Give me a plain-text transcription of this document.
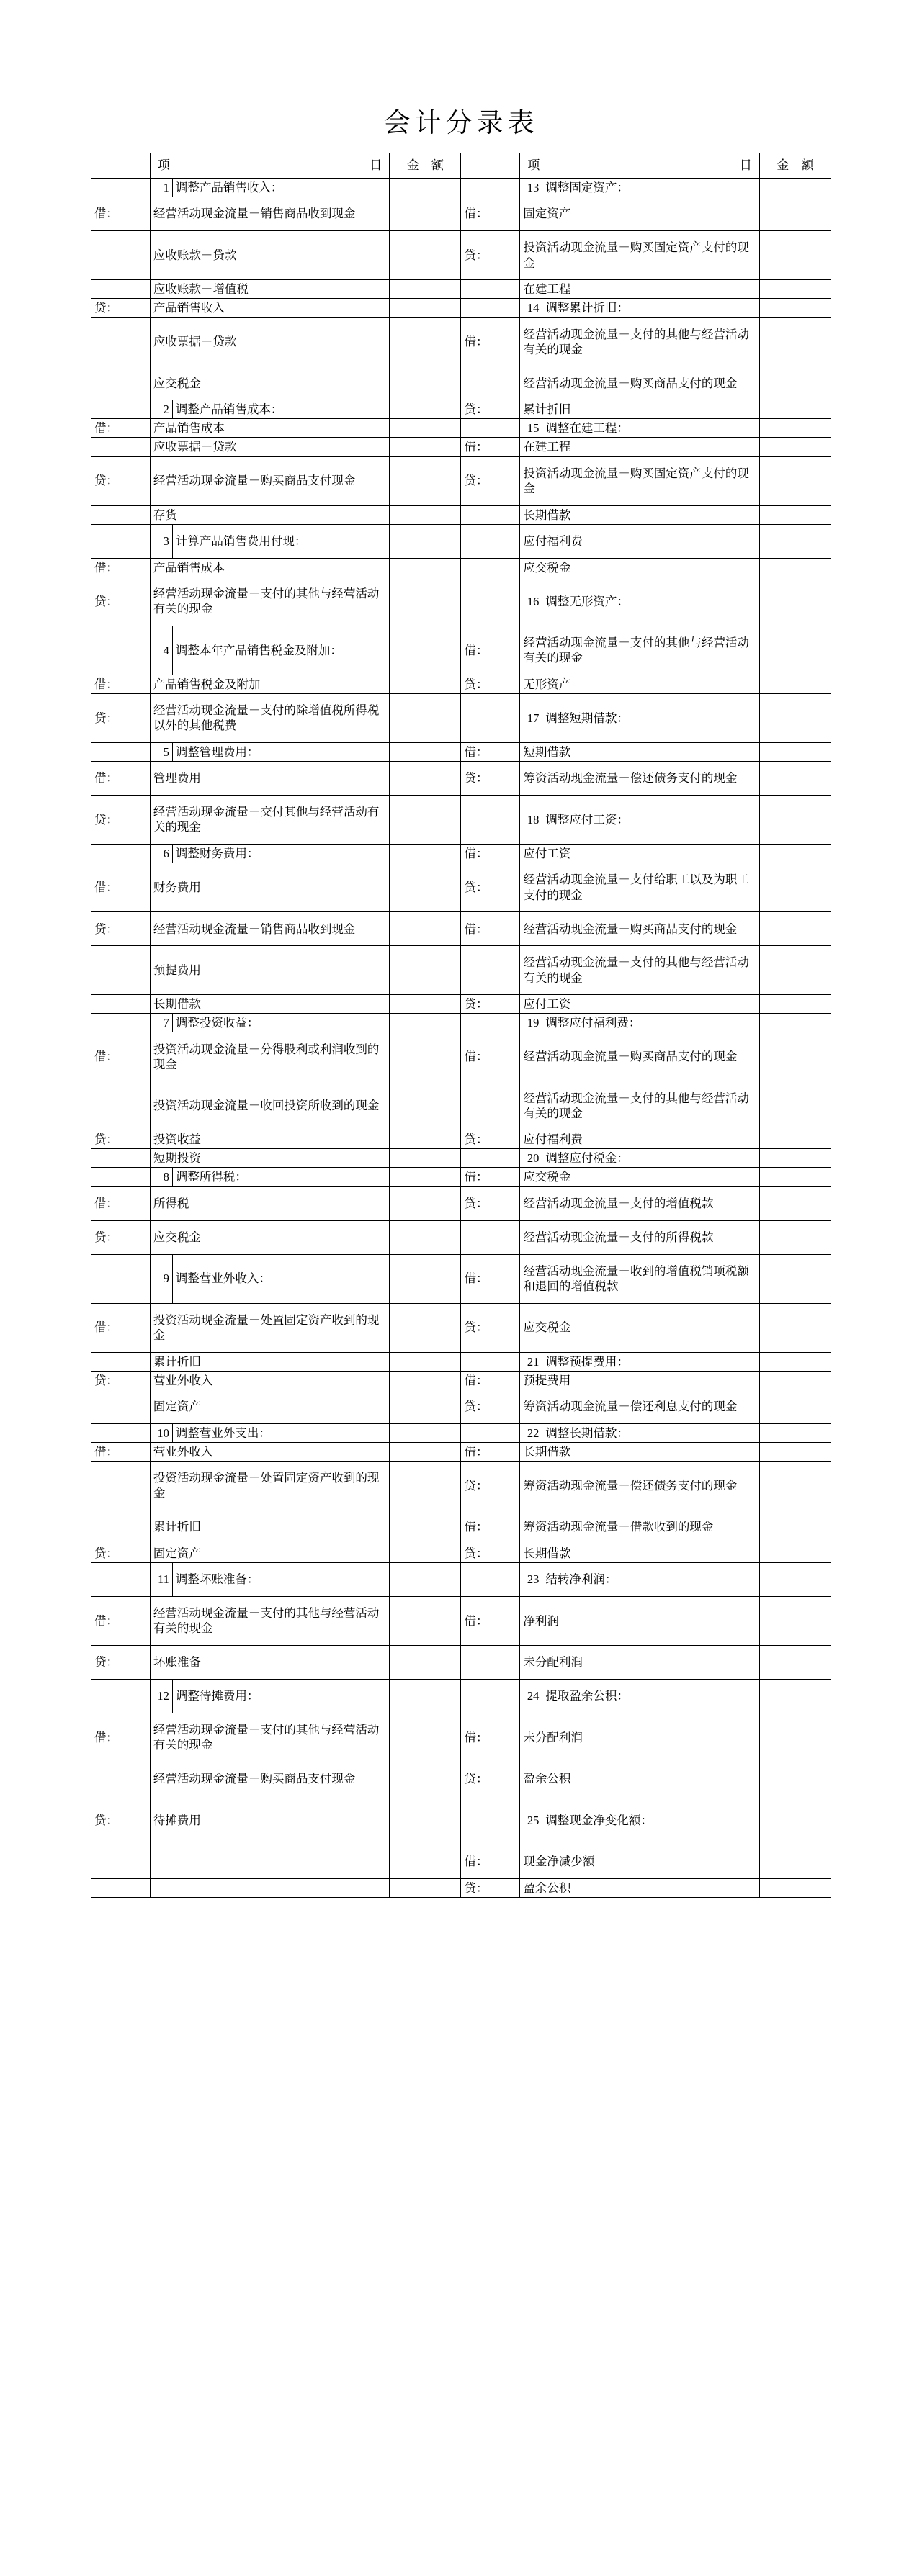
会计分录表
	项　　　目	金　额		项　　　目	金　额

1 调整产品销售收入：			13 调整固定资产：	

借：	经营活动现金流量－销售商品收到现金		借：	固定资产	
	应收账款－贷款		贷：	投资活动现金流量－购买固定资产支付的现金	
	应收账款－增值税			在建工程	
贷：	产品销售收入			14 调整累计折旧：	

	应收票据－贷款		借：	经营活动现金流量－支付的其他与经营活动有关的现金	
	应交税金			经营活动现金流量－购买商品支付的现金	

2 调整产品销售成本：		贷：	累计折旧	
借：	产品销售成本			15 调整在建工程：	

	应收票据－贷款		借：	在建工程	
贷：	经营活动现金流量－购买商品支付现金		贷：	投资活动现金流量－购买固定资产支付的现金	
	存货			长期借款	

3 计算产品销售费用付现：			应付福利费	
借：	产品销售成本			应交税金	
贷：	经营活动现金流量－支付的其他与经营活动有关的现金			16 调整无形资产：	

4 调整本年产品销售税金及附加：		借：	经营活动现金流量－支付的其他与经营活动有关的现金	
借：	产品销售税金及附加		贷：	无形资产	
贷：	经营活动现金流量－支付的除增值税所得税以外的其他税费			17 调整短期借款：	

5 调整管理费用：		借：	短期借款	
借：	管理费用		贷：	筹资活动现金流量－偿还债务支付的现金	
贷：	经营活动现金流量－交付其他与经营活动有关的现金			18 调整应付工资：	

6 调整财务费用：		借：	应付工资	
借：	财务费用		贷：	经营活动现金流量－支付给职工以及为职工支付的现金	
贷：	经营活动现金流量－销售商品收到现金		借：	经营活动现金流量－购买商品支付的现金	
	预提费用			经营活动现金流量－支付的其他与经营活动有关的现金	
	长期借款		贷：	应付工资	

7 调整投资收益：			19 调整应付福利费：	

借：	投资活动现金流量－分得股利或利润收到的现金		借：	经营活动现金流量－购买商品支付的现金	
	投资活动现金流量－收回投资所收到的现金			经营活动现金流量－支付的其他与经营活动有关的现金	
贷：	投资收益		贷：	应付福利费	
	短期投资			20 调整应付税金：	

8 调整所得税：		借：	应交税金	
借：	所得税		贷：	经营活动现金流量－支付的增值税款	
贷：	应交税金			经营活动现金流量－支付的所得税款	

9 调整营业外收入：		借：	经营活动现金流量－收到的增值税销项税额和退回的增值税款	
借：	投资活动现金流量－处置固定资产收到的现金		贷：	应交税金	
	累计折旧			21 调整预提费用：	

贷：	营业外收入		借：	预提费用	
	固定资产		贷：	筹资活动现金流量－偿还利息支付的现金	

10 调整营业外支出：			22 调整长期借款：	

借：	营业外收入		借：	长期借款	
	投资活动现金流量－处置固定资产收到的现金		贷：	筹资活动现金流量－偿还债务支付的现金	
	累计折旧		借：	筹资活动现金流量－借款收到的现金	
贷：	固定资产		贷：	长期借款	

11 调整坏账准备：			23 结转净利润：	

借：	经营活动现金流量－支付的其他与经营活动有关的现金		借：	净利润	
贷：	坏账准备			未分配利润	

12 调整待摊费用：			24 提取盈余公积：	

借：	经营活动现金流量－支付的其他与经营活动有关的现金		借：	未分配利润	
	经营活动现金流量－购买商品支付现金		贷：	盈余公积	
贷：	待摊费用			25 调整现金净变化额：	

			借：	现金净减少额	
			贷：	盈余公积	
